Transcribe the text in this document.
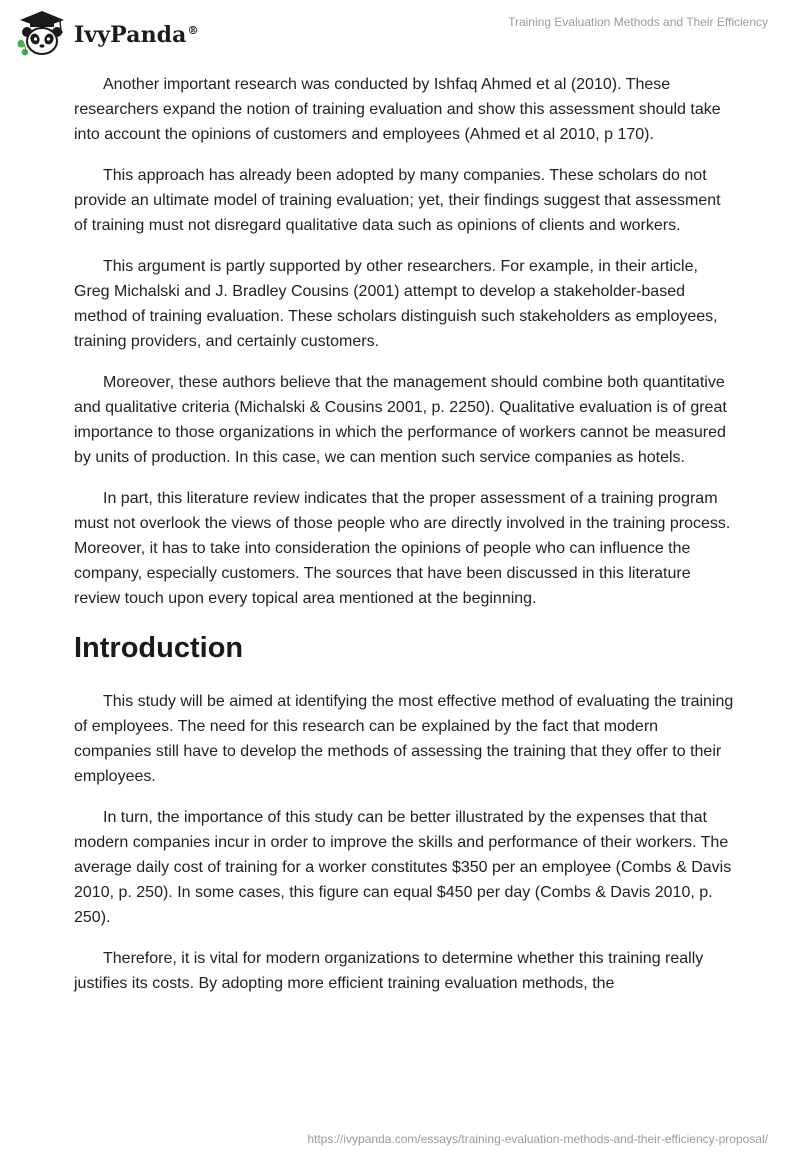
IvyPanda®
Training Evaluation Methods and Their Efficiency

Another important research was conducted by Ishfaq Ahmed et al (2010). These researchers expand the notion of training evaluation and show this assessment should take into account the opinions of customers and employees (Ahmed et al 2010, p 170).

This approach has already been adopted by many companies. These scholars do not provide an ultimate model of training evaluation; yet, their findings suggest that assessment of training must not disregard qualitative data such as opinions of clients and workers.

This argument is partly supported by other researchers. For example, in their article, Greg Michalski and J. Bradley Cousins (2001) attempt to develop a stakeholder-based method of training evaluation. These scholars distinguish such stakeholders as employees, training providers, and certainly customers.

Moreover, these authors believe that the management should combine both quantitative and qualitative criteria (Michalski & Cousins 2001, p. 2250). Qualitative evaluation is of great importance to those organizations in which the performance of workers cannot be measured by units of production. In this case, we can mention such service companies as hotels.

In part, this literature review indicates that the proper assessment of a training program must not overlook the views of those people who are directly involved in the training process. Moreover, it has to take into consideration the opinions of people who can influence the company, especially customers. The sources that have been discussed in this literature review touch upon every topical area mentioned at the beginning.

Introduction

This study will be aimed at identifying the most effective method of evaluating the training of employees. The need for this research can be explained by the fact that modern companies still have to develop the methods of assessing the training that they offer to their employees.

In turn, the importance of this study can be better illustrated by the expenses that that modern companies incur in order to improve the skills and performance of their workers. The average daily cost of training for a worker constitutes $350 per an employee (Combs & Davis 2010, p. 250). In some cases, this figure can equal $450 per day (Combs & Davis 2010, p. 250).

Therefore, it is vital for modern organizations to determine whether this training really justifies its costs. By adopting more efficient training evaluation methods, the

https://ivypanda.com/essays/training-evaluation-methods-and-their-efficiency-proposal/
